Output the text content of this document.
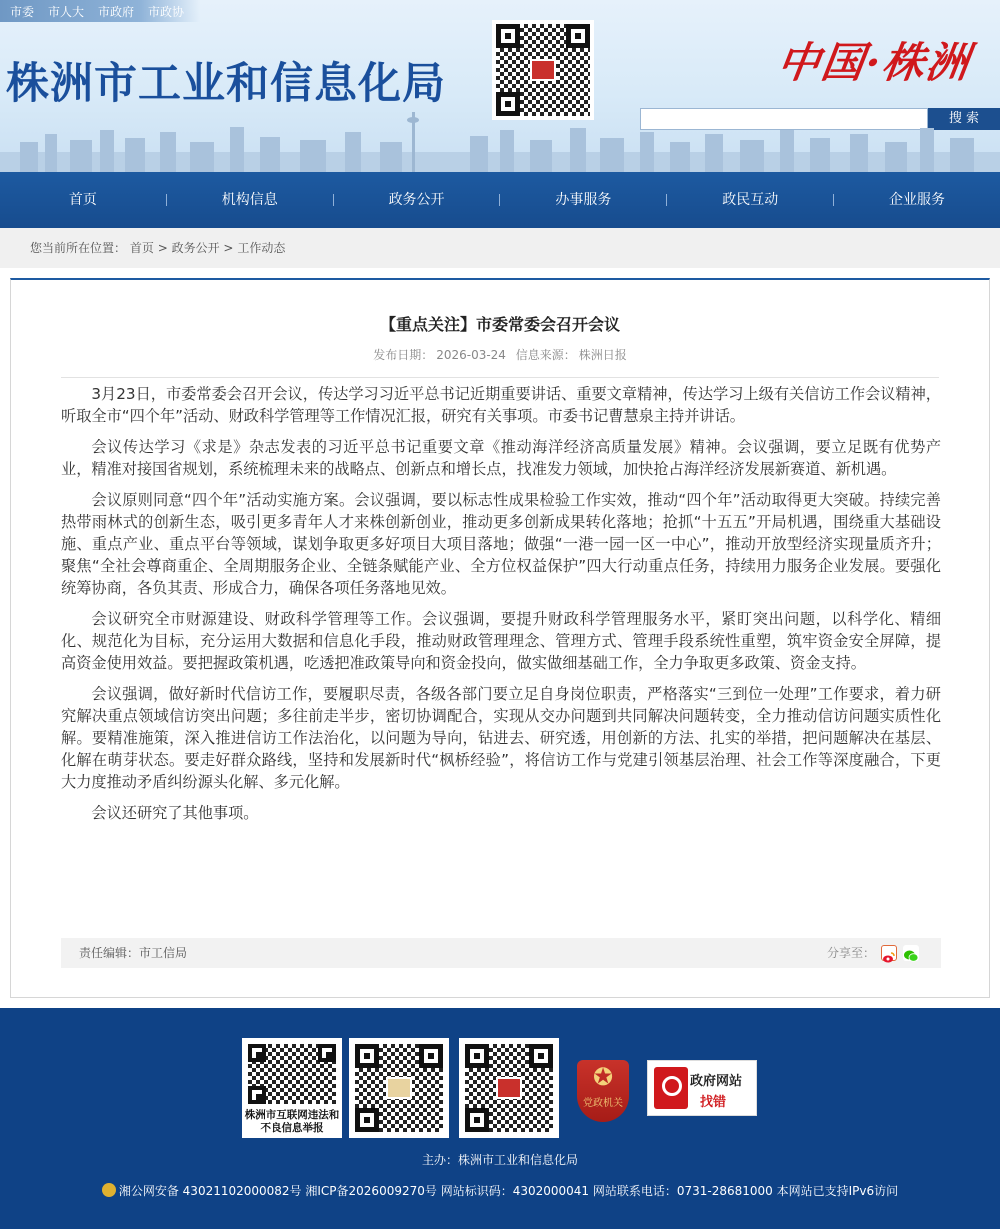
市委 市人大 市政府 市政协
株洲市工业和信息化局	中国·株洲
搜 索
首页	机构信息	政务公开	办事服务	政民互动	企业服务
您当前所在位置： 首页 > 政务公开 > 工作动态
【重点关注】市委常委会召开会议
发布日期： 2026-03-24 信息来源： 株洲日报

3月23日，市委常委会召开会议，传达学习习近平总书记近期重要讲话、重要文章精神，传达学习上级有关信访工作会议精神，听取全市“四个年”活动、财政科学管理等工作情况汇报，研究有关事项。市委书记曹慧泉主持并讲话。

会议传达学习《求是》杂志发表的习近平总书记重要文章《推动海洋经济高质量发展》精神。会议强调，要立足既有优势产业，精准对接国省规划，系统梳理未来的战略点、创新点和增长点，找准发力领域，加快抢占海洋经济发展新赛道、新机遇。

会议原则同意“四个年”活动实施方案。会议强调，要以标志性成果检验工作实效，推动“四个年”活动取得更大突破。持续完善热带雨林式的创新生态，吸引更多青年人才来株创新创业，推动更多创新成果转化落地；抢抓“十五五”开局机遇，围绕重大基础设施、重点产业、重点平台等领域，谋划争取更多好项目大项目落地；做强“一港一园一区一中心”，推动开放型经济实现量质齐升；聚焦“全社会尊商重企、全周期服务企业、全链条赋能产业、全方位权益保护”四大行动重点任务，持续用力服务企业发展。要强化统筹协商，各负其责、形成合力，确保各项任务落地见效。

会议研究全市财源建设、财政科学管理等工作。会议强调，要提升财政科学管理服务水平，紧盯突出问题，以科学化、精细化、规范化为目标，充分运用大数据和信息化手段，推动财政管理理念、管理方式、管理手段系统性重塑，筑牢资金安全屏障，提高资金使用效益。要把握政策机遇，吃透把准政策导向和资金投向，做实做细基础工作，全力争取更多政策、资金支持。

会议强调，做好新时代信访工作，要履职尽责，各级各部门要立足自身岗位职责，严格落实“三到位一处理”工作要求，着力研究解决重点领域信访突出问题；多往前走半步，密切协调配合，实现从交办问题到共同解决问题转变，全力推动信访问题实质性化解。要精准施策，深入推进信访工作法治化，以问题为导向，钻进去、研究透，用创新的方法、扎实的举措，把问题解决在基层、化解在萌芽状态。要走好群众路线，坚持和发展新时代“枫桥经验”，将信访工作与党建引领基层治理、社会工作等深度融合，下更大力度推动矛盾纠纷源头化解、多元化解。

会议还研究了其他事项。

责任编辑：市工信局	分享至：
株洲市互联网违法和不良信息举报
✪
党政机关
政府网站
找错
主办：株洲市工业和信息化局
湘公网安备 43021102000082号 湘ICP备2026009270号 网站标识码：4302000041 网站联系电话：0731-28681000 本网站已支持IPv6访问
